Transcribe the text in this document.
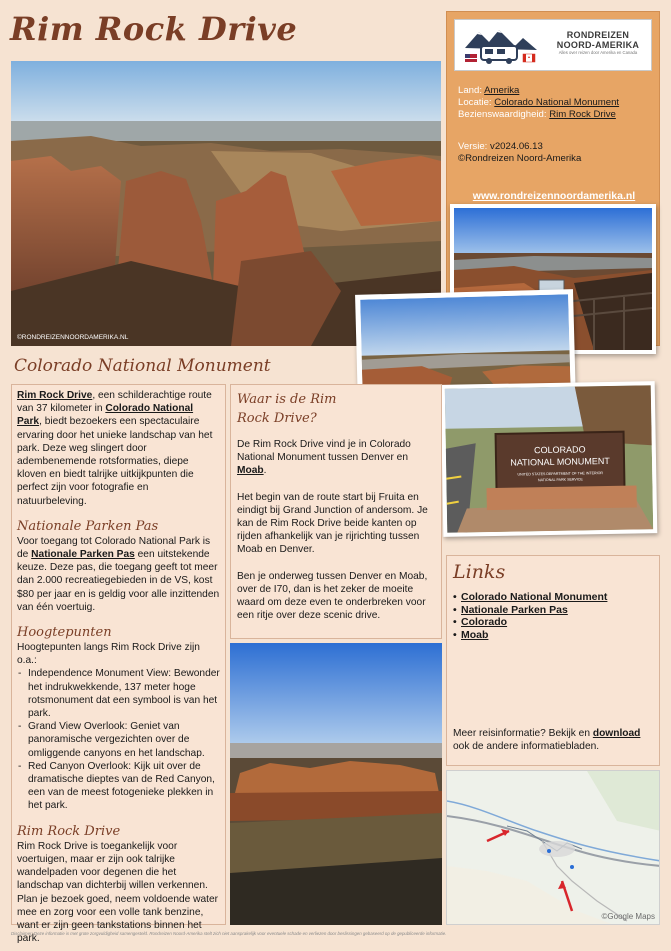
Rim Rock Drive
©RONDREIZENNOORDAMERIKA.NL
RONDREIZEN
NOORD-AMERIKA
Alles over reizen door Amerika en Canada
Land: Amerika
Locatie: Colorado National Monument
Bezienswaardigheid: Rim Rock Drive
Versie: v2024.06.13
©Rondreizen Noord-Amerika
www.rondreizennoordamerika.nl
COLORADO
NATIONAL MONUMENT
UNITED STATES DEPARTMENT OF THE INTERIOR
NATIONAL PARK SERVICE
Colorado National Monument

Rim Rock Drive, een schilderachtige route van 37 kilometer in Colorado National Park, biedt bezoekers een spectaculaire ervaring door het unieke landschap van het park. Deze weg slingert door adembenemende rotsformaties, diepe kloven en biedt talrijke uitkijkpunten die perfect zijn voor fotografie en natuurbeleving.

Nationale Parken Pas

Voor toegang tot Colorado National Park is de Nationale Parken Pas een uitstekende keuze. Deze pas, die toegang geeft tot meer dan 2.000 recreatiegebieden in de VS, kost $80 per jaar en is geldig voor alle inzittenden van één voertuig.

Hoogtepunten

Hoogtepunten langs Rim Rock Drive zijn o.a.:

- Independence Monument View: Bewonder het indrukwekkende, 137 meter hoge rotsmonument dat een symbool is van het park.
- Grand View Overlook: Geniet van panoramische vergezichten over de omliggende canyons en het landschap.
- Red Canyon Overlook: Kijk uit over de dramatische dieptes van de Red Canyon, een van de meest fotogenieke plekken in het park.
Rim Rock Drive

Rim Rock Drive is toegankelijk voor voertuigen, maar er zijn ook talrijke wandelpaden voor degenen die het landschap van dichterbij willen verkennen. Plan je bezoek goed, neem voldoende water mee en zorg voor een volle tank benzine, want er zijn geen tankstations binnen het park.

Waar is de Rim Rock Drive?

De Rim Rock Drive vind je in Colorado National Monument tussen Denver en Moab.

Het begin van de route start bij Fruita en eindigt bij Grand Junction of andersom. Je kan de Rim Rock Drive beide kanten op rijden afhankelijk van je rijrichting tussen Moab en Denver.

Ben je onderweg tussen Denver en Moab, over de I70, dan is het zeker de moeite waard om deze even te onderbreken voor een ritje over deze scenic drive.

Links
• Colorado National Monument
• Nationale Parken Pas
• Colorado
• Moab

Meer reisinformatie? Bekijk en download ook de andere informatiebladen.

©Google Maps
Disclaimer: Deze informatie is met grote zorgvuldigheid samengesteld. Rondreizen Noord-Amerika stelt zich niet aansprakelijk voor eventuele schade en verliezen door beslissingen gebaseerd op de gepubliceerde informatie.
